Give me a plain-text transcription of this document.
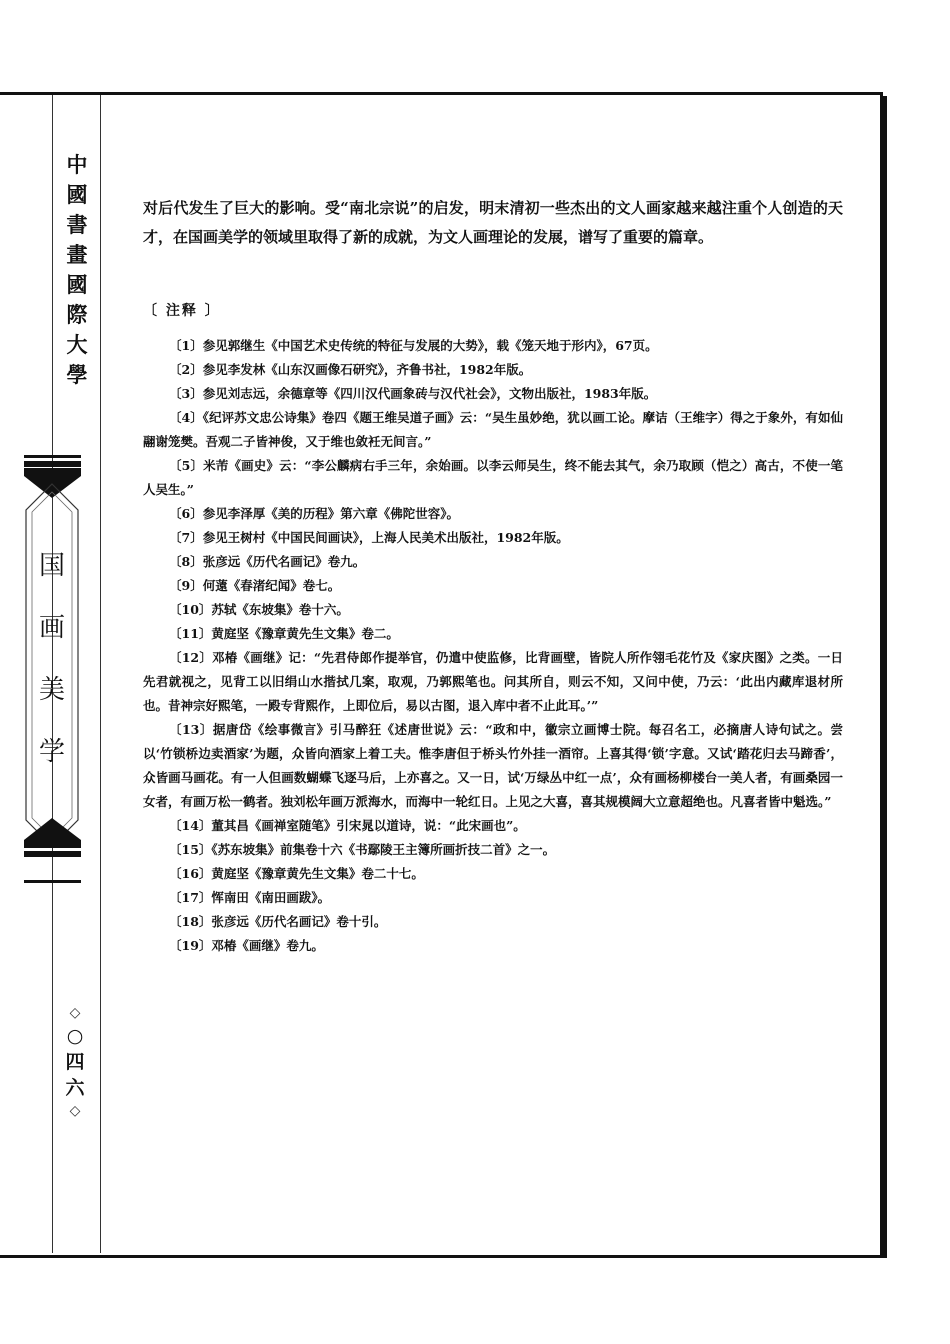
中
國
書
畫
國
際
大
學
国
画
美
学
◇
○
四
六
◇

对后代发生了巨大的影响。受“南北宗说”的启发，明末清初一些杰出的文人画家越来越注重个人创造的天才，在国画美学的领域里取得了新的成就，为文人画理论的发展，谱写了重要的篇章。

〔 注释 〕
〔1〕参见郭继生《中国艺术史传统的特征与发展的大势》，载《笼天地于形内》，67页。
〔2〕参见李发林《山东汉画像石研究》，齐鲁书社，1982年版。
〔3〕参见刘志远，余德章等《四川汉代画象砖与汉代社会》，文物出版社，1983年版。
〔4〕《纪评苏文忠公诗集》卷四《题王维吴道子画》云：“吴生虽妙绝，犹以画工论。摩诘（王维字）得之于象外，有如仙翮谢笼樊。吾观二子皆神俊，又于维也敛衽无间言。”
〔5〕米芾《画史》云：“李公麟病右手三年，余始画。以李云师吴生，终不能去其气，余乃取顾（恺之）高古，不使一笔人吴生。”
〔6〕参见李泽厚《美的历程》第六章《佛陀世容》。
〔7〕参见王树村《中国民间画诀》，上海人民美术出版社，1982年版。
〔8〕张彦远《历代名画记》卷九。
〔9〕何薳《春渚纪闻》卷七。
〔10〕苏轼《东坡集》卷十六。
〔11〕黄庭坚《豫章黄先生文集》卷二。
〔12〕邓椿《画继》记：“先君侍郎作提举官，仍遣中使监修，比背画壁，皆院人所作翎毛花竹及《家庆图》之类。一日先君就视之，见背工以旧绢山水揩拭几案，取观，乃郭熙笔也。问其所自，则云不知，又问中使，乃云：‘此出内藏库退材所也。昔神宗好熙笔，一殿专背熙作，上即位后，易以古图，退入库中者不止此耳。’”
〔13〕据唐岱《绘事微言》引马醉狂《述唐世说》云：“政和中，徽宗立画博士院。每召名工，必摘唐人诗句试之。尝以‘竹锁桥边卖酒家’为题，众皆向酒家上着工夫。惟李唐但于桥头竹外挂一酒帘。上喜其得‘锁’字意。又试‘踏花归去马蹄香’，众皆画马画花。有一人但画数蝴蝶飞逐马后，上亦喜之。又一日，试‘万绿丛中红一点’，众有画杨柳楼台一美人者，有画桑园一女者，有画万松一鹤者。独刘松年画万派海水，而海中一轮红日。上见之大喜，喜其规模阔大立意超绝也。凡喜者皆中魁选。”
〔14〕董其昌《画禅室随笔》引宋晁以道诗，说：“此宋画也”。
〔15〕《苏东坡集》前集卷十六《书鄢陵王主簿所画折技二首》之一。
〔16〕黄庭坚《豫章黄先生文集》卷二十七。
〔17〕恽南田《南田画跋》。
〔18〕张彦远《历代名画记》卷十引。
〔19〕邓椿《画继》卷九。
